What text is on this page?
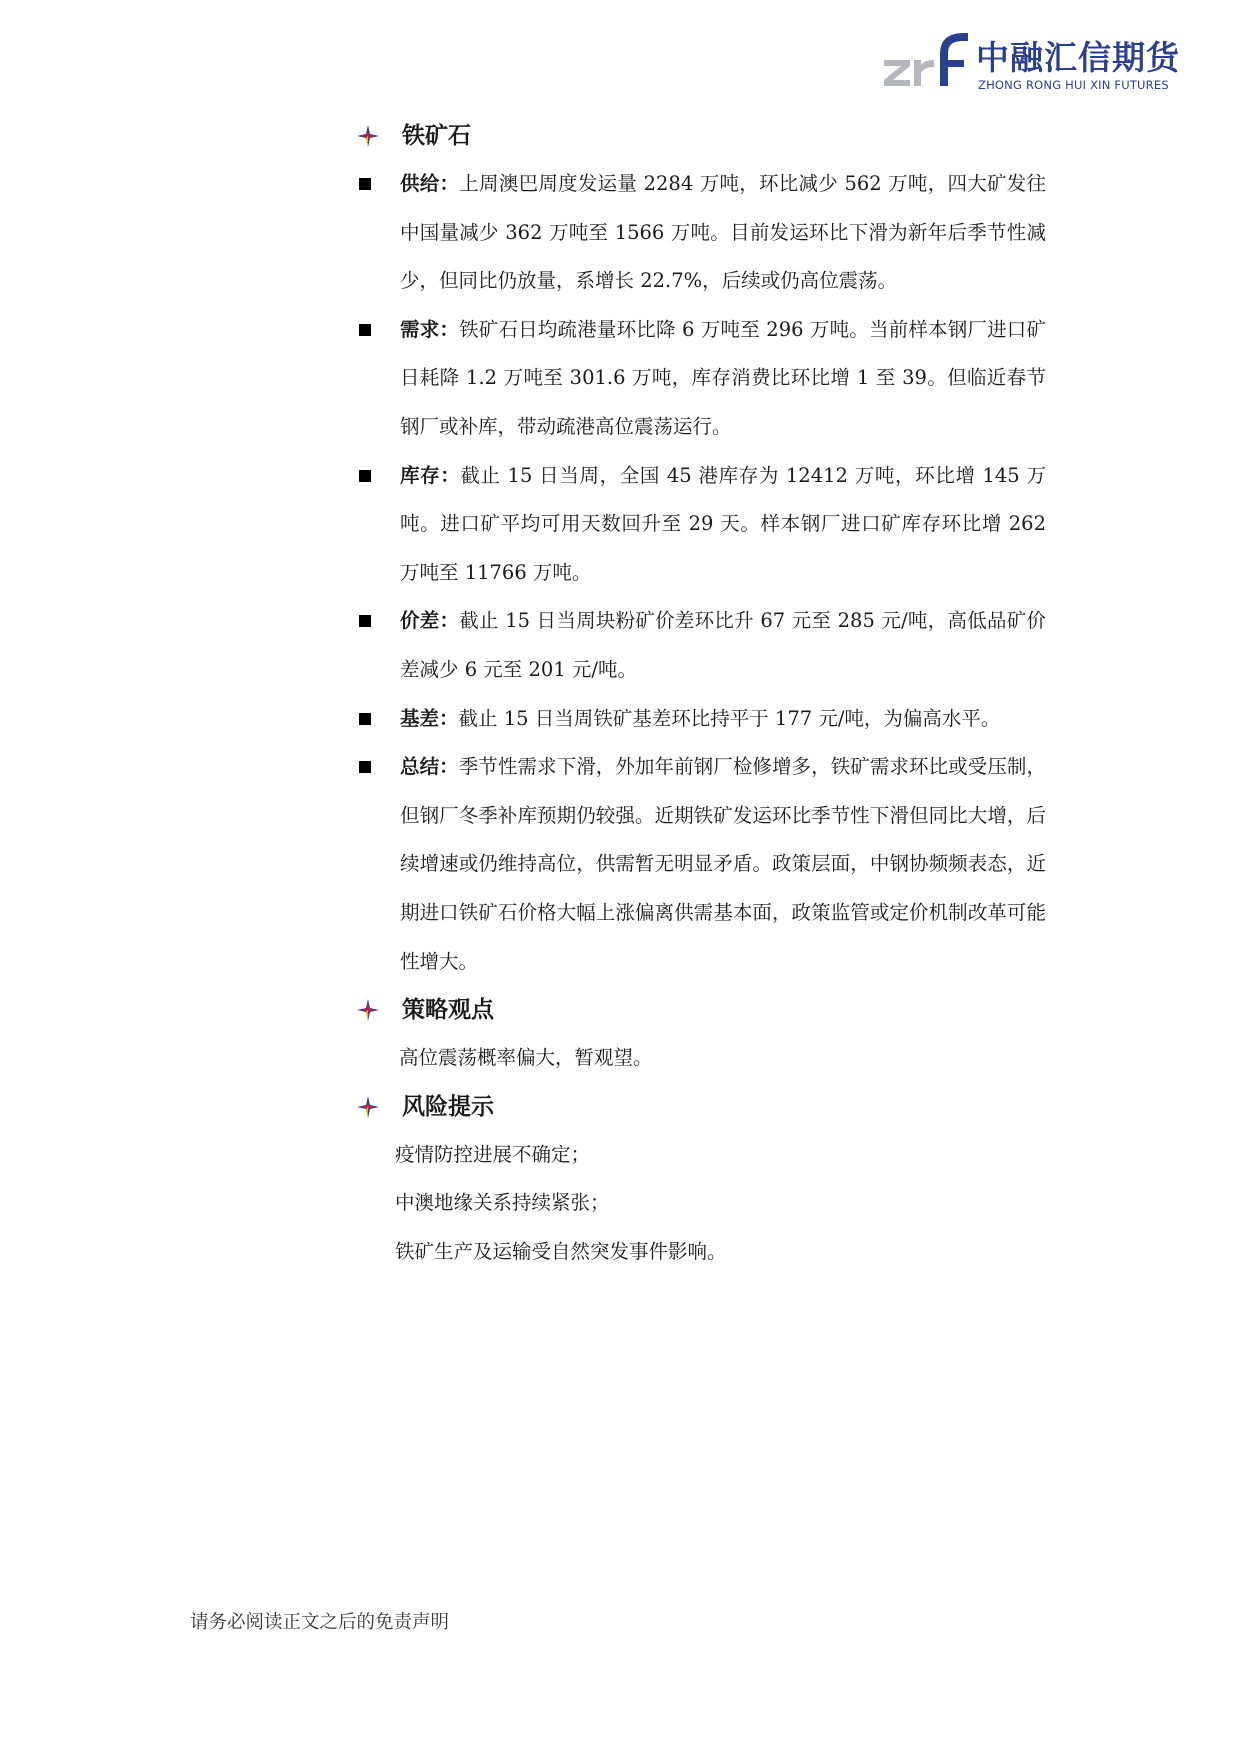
中融汇信期货
ZHONG RONG HUI XIN FUTURES
铁矿石
供给：上周澳巴周度发运量 2284 万吨，环比减少 562 万吨，四大矿发往中国量减少 362 万吨至 1566 万吨。目前发运环比下滑为新年后季节性减少，但同比仍放量，系增长 22.7%，后续或仍高位震荡。
需求：铁矿石日均疏港量环比降 6 万吨至 296 万吨。当前样本钢厂进口矿日耗降 1.2 万吨至 301.6 万吨，库存消费比环比增 1 至 39。但临近春节钢厂或补库，带动疏港高位震荡运行。
库存：截止 15 日当周，全国 45 港库存为 12412 万吨，环比增 145 万吨。进口矿平均可用天数回升至 29 天。样本钢厂进口矿库存环比增 262 万吨至 11766 万吨。
价差：截止 15 日当周块粉矿价差环比升 67 元至 285 元/吨，高低品矿价差减少 6 元至 201 元/吨。
基差：截止 15 日当周铁矿基差环比持平于 177 元/吨，为偏高水平。
总结：季节性需求下滑，外加年前钢厂检修增多，铁矿需求环比或受压制，但钢厂冬季补库预期仍较强。近期铁矿发运环比季节性下滑但同比大增，后续增速或仍维持高位，供需暂无明显矛盾。政策层面，中钢协频频表态，近期进口铁矿石价格大幅上涨偏离供需基本面，政策监管或定价机制改革可能性增大。
策略观点
高位震荡概率偏大，暂观望。
风险提示
疫情防控进展不确定；
中澳地缘关系持续紧张；
铁矿生产及运输受自然突发事件影响。
请务必阅读正文之后的免责声明
